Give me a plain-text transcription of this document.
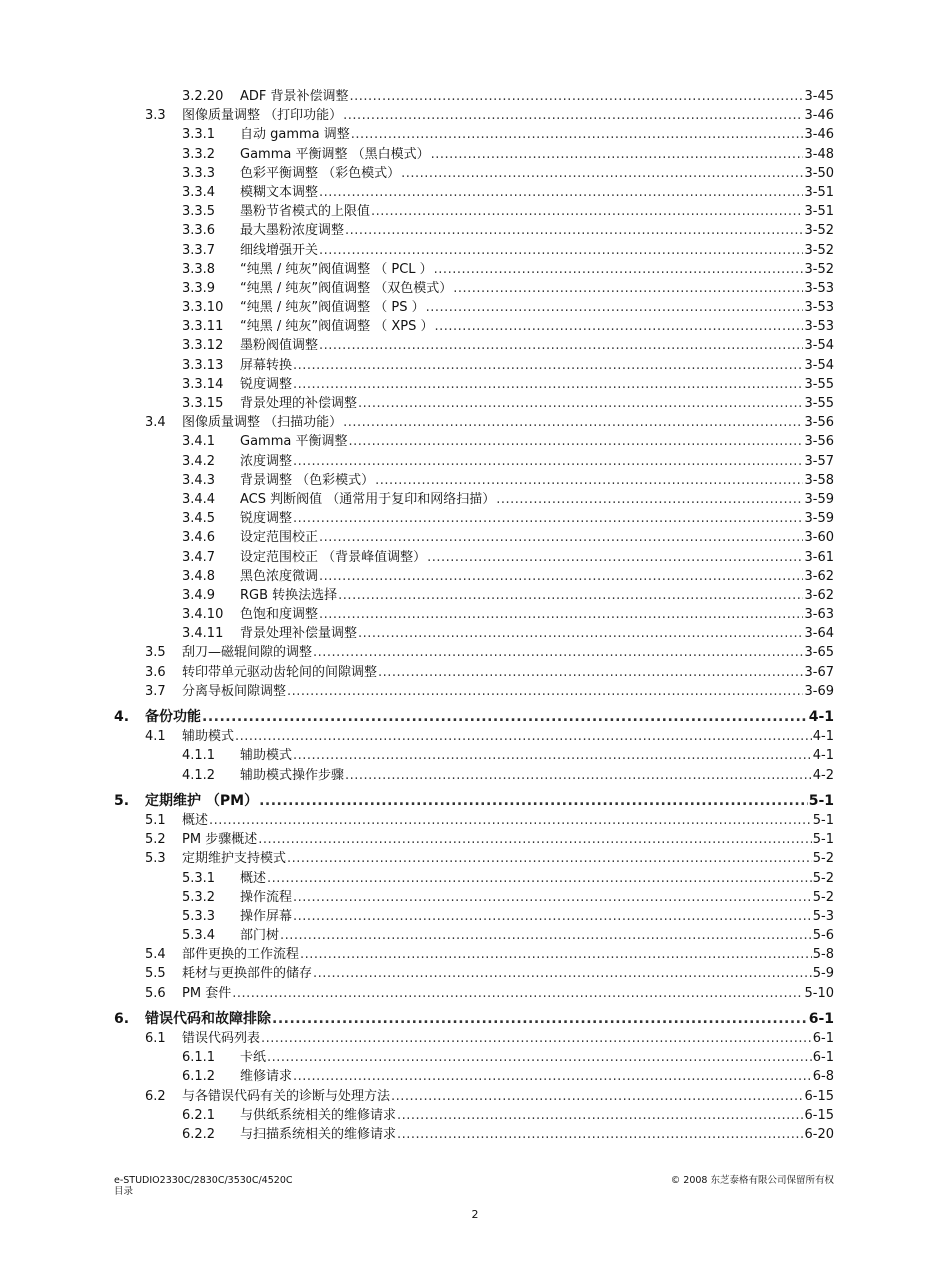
3.2.20 ADF 背景补偿调整 .....	3-45
3.3 图像质量调整 （打印功能） .....	3-46
3.3.1 自动 gamma 调整 .....	3-46
3.3.2 Gamma 平衡调整 （黑白模式） .....	3-48
3.3.3 色彩平衡调整 （彩色模式） .....	3-50
3.3.4 模糊文本调整 .....	3-51
3.3.5 墨粉节省模式的上限值 .....	3-51
3.3.6 最大墨粉浓度调整 .....	3-52
3.3.7 细线增强开关 .....	3-52
3.3.8 “纯黑 / 纯灰”阀值调整 （ PCL ） .....	3-52
3.3.9 “纯黑 / 纯灰”阀值调整 （双色模式） .....	3-53
3.3.10 “纯黑 / 纯灰”阀值调整 （ PS ） .....	3-53
3.3.11 “纯黑 / 纯灰”阀值调整 （ XPS ） .....	3-53
3.3.12 墨粉阀值调整 .....	3-54
3.3.13 屏幕转换 .....	3-54
3.3.14 锐度调整 .....	3-55
3.3.15 背景处理的补偿调整 .....	3-55
3.4 图像质量调整 （扫描功能） .....	3-56
3.4.1 Gamma 平衡调整 .....	3-56
3.4.2 浓度调整 .....	3-57
3.4.3 背景调整 （色彩模式） .....	3-58
3.4.4 ACS 判断阀值 （通常用于复印和网络扫描） .....	3-59
3.4.5 锐度调整 .....	3-59
3.4.6 设定范围校正 .....	3-60
3.4.7 设定范围校正 （背景峰值调整） .....	3-61
3.4.8 黑色浓度微调 .....	3-62
3.4.9 RGB 转换法选择 .....	3-62
3.4.10 色饱和度调整 .....	3-63
3.4.11 背景处理补偿量调整 .....	3-64
3.5 刮刀—磁辊间隙的调整 .....	3-65
3.6 转印带单元驱动齿轮间的间隙调整 .....	3-67
3.7 分离导板间隙调整 .....	3-69
4. 备份功能 .....	4-1
4.1 辅助模式 .....	4-1
4.1.1 辅助模式 .....	4-1
4.1.2 辅助模式操作步骤 .....	4-2
5. 定期维护 （PM） .....	5-1
5.1 概述 .....	5-1
5.2 PM 步骤概述 .....	5-1
5.3 定期维护支持模式 .....	5-2
5.3.1 概述 .....	5-2
5.3.2 操作流程 .....	5-2
5.3.3 操作屏幕 .....	5-3
5.3.4 部门树 .....	5-6
5.4 部件更换的工作流程 .....	5-8
5.5 耗材与更换部件的储存 .....	5-9
5.6 PM 套件 .....	5-10
6. 错误代码和故障排除 .....	6-1
6.1 错误代码列表 .....	6-1
6.1.1 卡纸 .....	6-1
6.1.2 维修请求 .....	6-8
6.2 与各错误代码有关的诊断与处理方法 .....	6-15
6.2.1 与供纸系统相关的维修请求 .....	6-15
6.2.2 与扫描系统相关的维修请求 .....	6-20
e-STUDIO2330C/2830C/3530C/4520C
目录
© 2008 东芝泰格有限公司保留所有权
2
